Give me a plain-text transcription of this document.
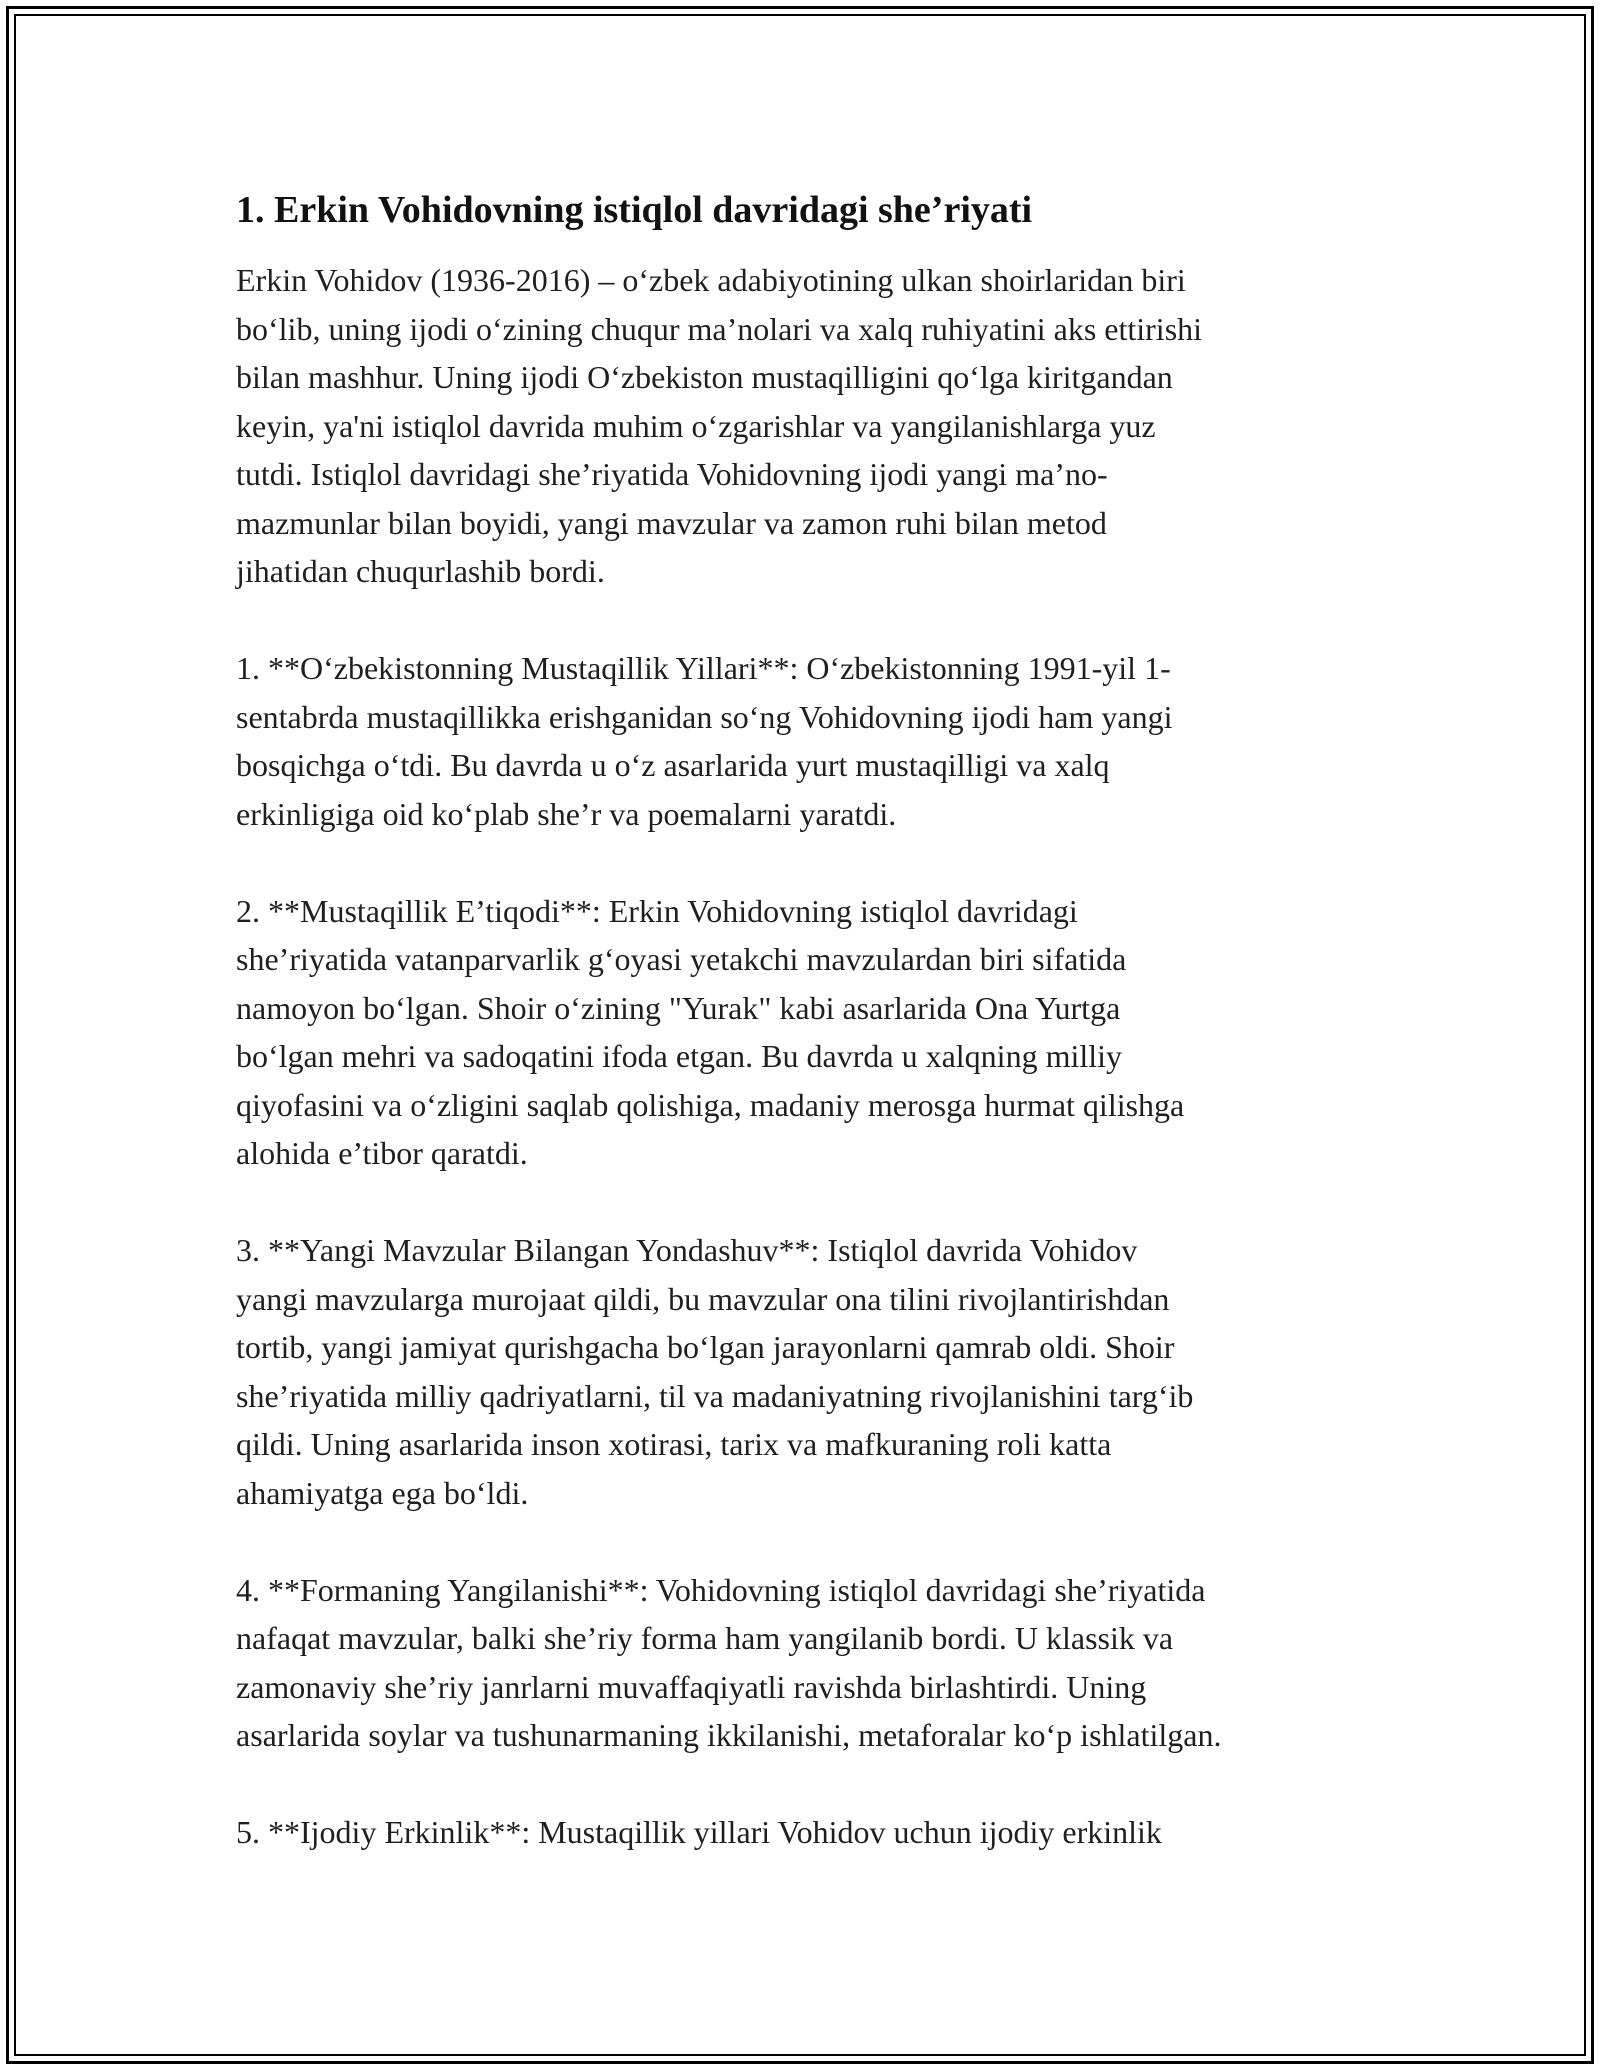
1. Erkin Vohidovning istiqlol davridagi she’riyati

Erkin Vohidov (1936-2016) – o‘zbek adabiyotining ulkan shoirlaridan biri
bo‘lib, uning ijodi o‘zining chuqur ma’nolari va xalq ruhiyatini aks ettirishi
bilan mashhur. Uning ijodi O‘zbekiston mustaqilligini qo‘lga kiritgandan
keyin, ya'ni istiqlol davrida muhim o‘zgarishlar va yangilanishlarga yuz
tutdi. Istiqlol davridagi she’riyatida Vohidovning ijodi yangi ma’no-
mazmunlar bilan boyidi, yangi mavzular va zamon ruhi bilan metod
jihatidan chuqurlashib bordi.

1. **O‘zbekistonning Mustaqillik Yillari**: O‘zbekistonning 1991-yil 1-
sentabrda mustaqillikka erishganidan so‘ng Vohidovning ijodi ham yangi
bosqichga o‘tdi. Bu davrda u o‘z asarlarida yurt mustaqilligi va xalq
erkinligiga oid ko‘plab she’r va poemalarni yaratdi.

2. **Mustaqillik E’tiqodi**: Erkin Vohidovning istiqlol davridagi
she’riyatida vatanparvarlik g‘oyasi yetakchi mavzulardan biri sifatida
namoyon bo‘lgan. Shoir o‘zining "Yurak" kabi asarlarida Ona Yurtga
bo‘lgan mehri va sadoqatini ifoda etgan. Bu davrda u xalqning milliy
qiyofasini va o‘zligini saqlab qolishiga, madaniy merosga hurmat qilishga
alohida e’tibor qaratdi.

3. **Yangi Mavzular Bilangan Yondashuv**: Istiqlol davrida Vohidov
yangi mavzularga murojaat qildi, bu mavzular ona tilini rivojlantirishdan
tortib, yangi jamiyat qurishgacha bo‘lgan jarayonlarni qamrab oldi. Shoir
she’riyatida milliy qadriyatlarni, til va madaniyatning rivojlanishini targ‘ib
qildi. Uning asarlarida inson xotirasi, tarix va mafkuraning roli katta
ahamiyatga ega bo‘ldi.

4. **Formaning Yangilanishi**: Vohidovning istiqlol davridagi she’riyatida
nafaqat mavzular, balki she’riy forma ham yangilanib bordi. U klassik va
zamonaviy she’riy janrlarni muvaffaqiyatli ravishda birlashtirdi. Uning
asarlarida soylar va tushunarmaning ikkilanishi, metaforalar ko‘p ishlatilgan.

5. **Ijodiy Erkinlik**: Mustaqillik yillari Vohidov uchun ijodiy erkinlik
